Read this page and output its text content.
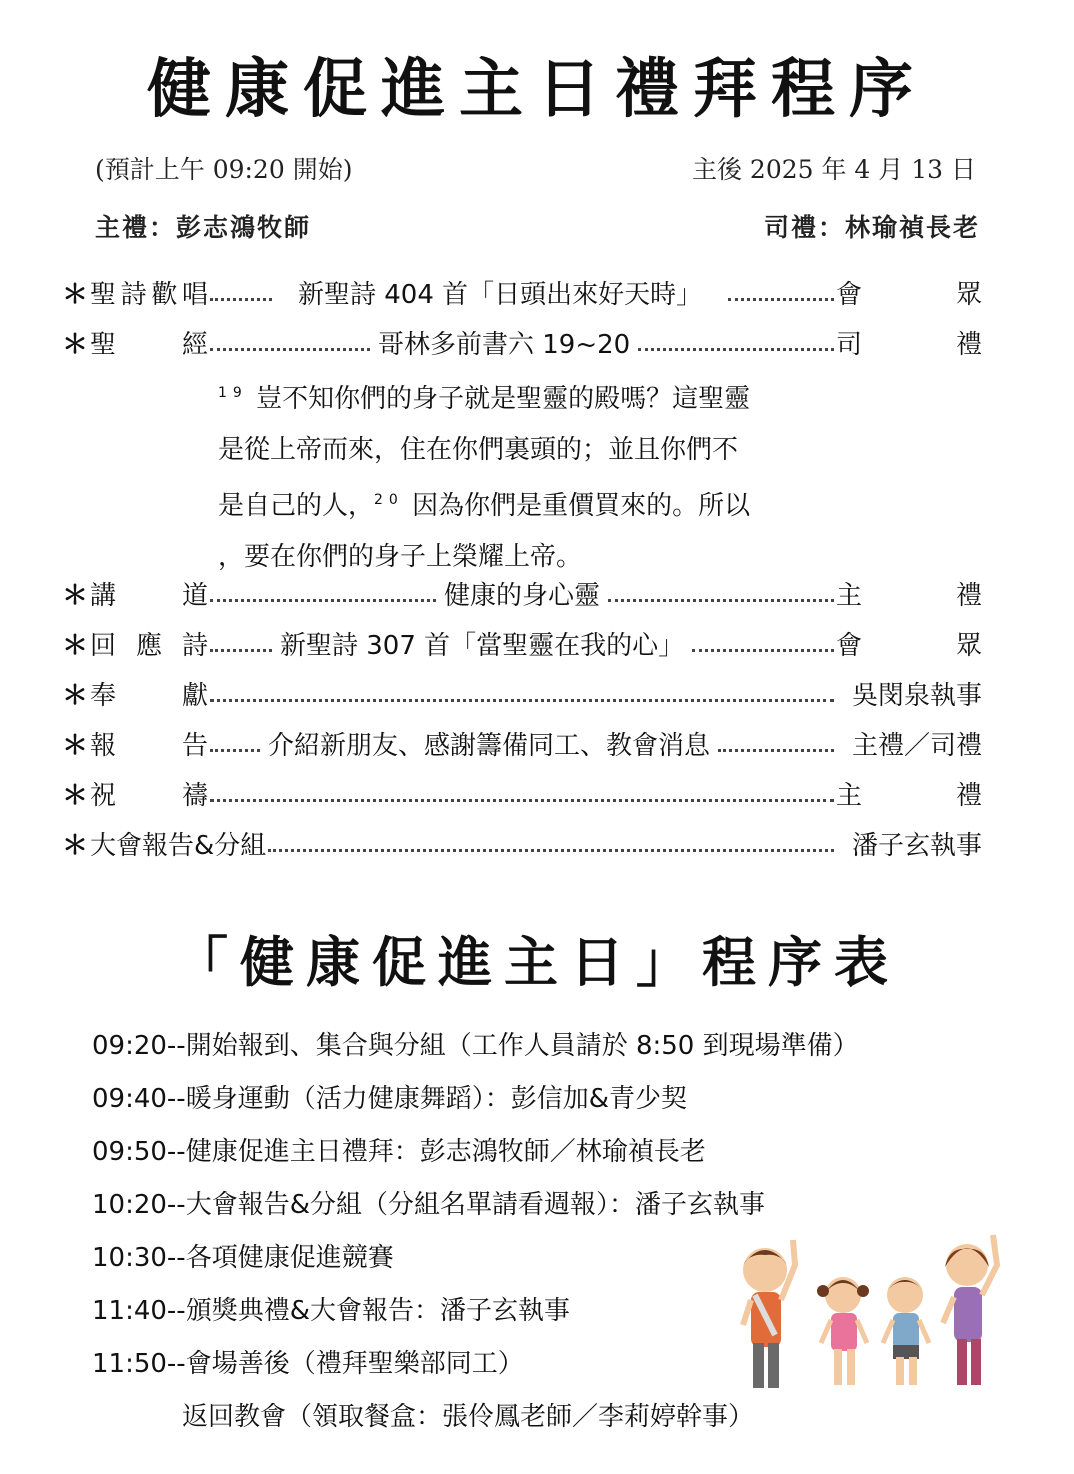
健康促進主日禮拜程序
(預計上午 09:20 開始)	主後 2025 年 4 月 13 日
主禮：彭志鴻牧師	司禮：林瑜禎長老
＊ 聖 詩 歡 唱	新聖詩 404 首「日頭出來好天時」	會	眾
＊ 聖	經	哥林多前書六 19~20	司	禮
$^{19}$ 豈不知你們的身子就是聖靈的殿嗎？這聖靈
是從上帝而來，住在你們裏頭的；並且你們不
是自己的人，$^{20}$ 因為你們是重價買來的。所以
，要在你們的身子上榮耀上帝。
＊ 講	道	健康的身心靈	主	禮
＊ 回 應 詩	新聖詩 307 首「當聖靈在我的心」	會	眾
＊ 奉	獻	吳閔泉執事
＊ 報	告 介紹新朋友、感謝籌備同工、教會消息	主禮／司禮
＊ 祝	禱	主	禮
＊ 大會報告&分組	潘子玄執事
「健康促進主日」程序表
09:20--開始報到、集合與分組（工作人員請於 8:50 到現場準備）
09:40--暖身運動（活力健康舞蹈）：彭信加&青少契
09:50--健康促進主日禮拜：彭志鴻牧師／林瑜禎長老
10:20--大會報告&分組（分組名單請看週報）：潘子玄執事
10:30--各項健康促進競賽
11:40--頒獎典禮&大會報告：潘子玄執事
11:50--會場善後（禮拜聖樂部同工）
返回教會（領取餐盒：張伶鳳老師／李莉婷幹事）
